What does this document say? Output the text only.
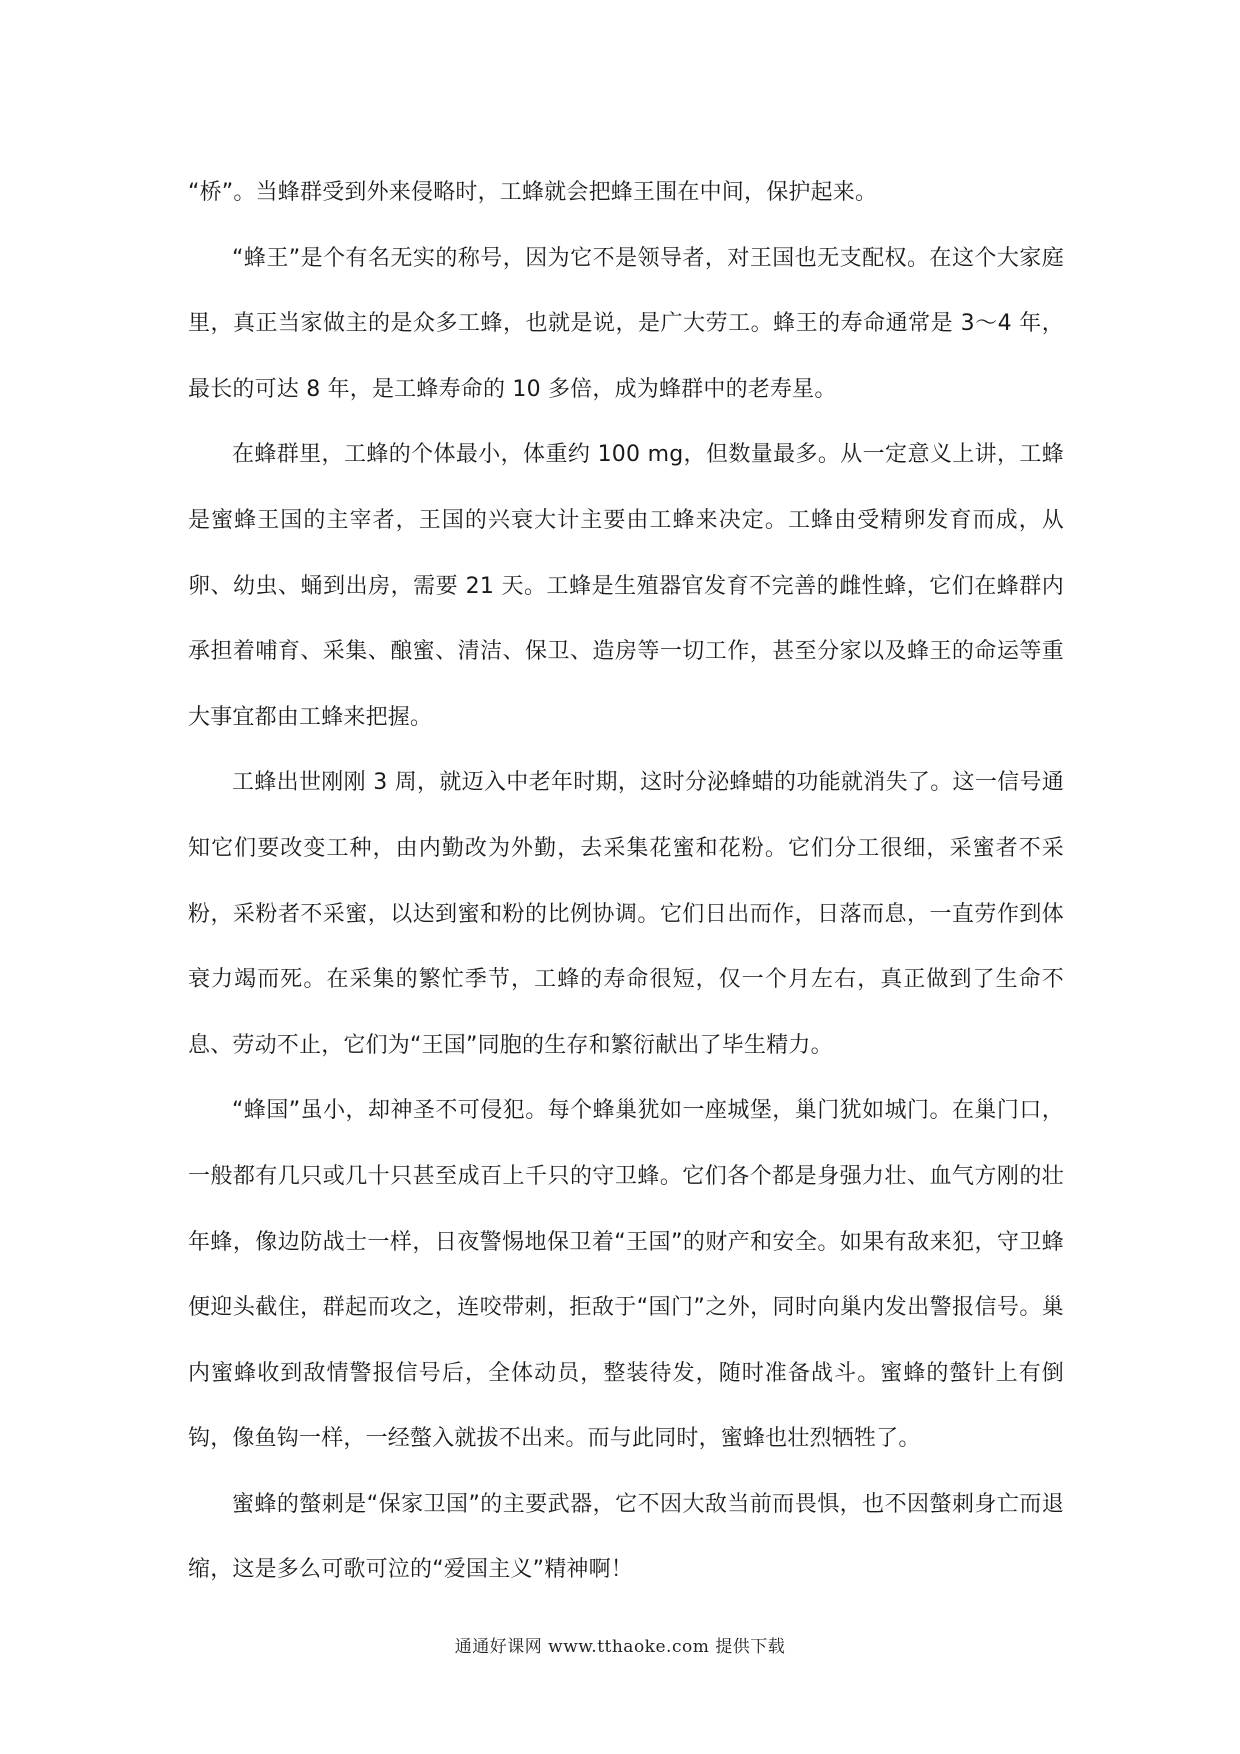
“桥”。当蜂群受到外来侵略时，工蜂就会把蜂王围在中间，保护起来。

“蜂王”是个有名无实的称号，因为它不是领导者，对王国也无支配权。在这个大家庭里，真正当家做主的是众多工蜂，也就是说，是广大劳工。蜂王的寿命通常是 3～4 年，最长的可达 8 年，是工蜂寿命的 10 多倍，成为蜂群中的老寿星。

在蜂群里，工蜂的个体最小，体重约 100 mg，但数量最多。从一定意义上讲，工蜂是蜜蜂王国的主宰者，王国的兴衰大计主要由工蜂来决定。工蜂由受精卵发育而成，从卵、幼虫、蛹到出房，需要 21 天。工蜂是生殖器官发育不完善的雌性蜂，它们在蜂群内承担着哺育、采集、酿蜜、清洁、保卫、造房等一切工作，甚至分家以及蜂王的命运等重大事宜都由工蜂来把握。

工蜂出世刚刚 3 周，就迈入中老年时期，这时分泌蜂蜡的功能就消失了。这一信号通知它们要改变工种，由内勤改为外勤，去采集花蜜和花粉。它们分工很细，采蜜者不采粉，采粉者不采蜜，以达到蜜和粉的比例协调。它们日出而作，日落而息，一直劳作到体衰力竭而死。在采集的繁忙季节，工蜂的寿命很短，仅一个月左右，真正做到了生命不息、劳动不止，它们为“王国”同胞的生存和繁衍献出了毕生精力。

“蜂国”虽小，却神圣不可侵犯。每个蜂巢犹如一座城堡，巢门犹如城门。在巢门口，一般都有几只或几十只甚至成百上千只的守卫蜂。它们各个都是身强力壮、血气方刚的壮年蜂，像边防战士一样，日夜警惕地保卫着“王国”的财产和安全。如果有敌来犯，守卫蜂便迎头截住，群起而攻之，连咬带刺，拒敌于“国门”之外，同时向巢内发出警报信号。巢内蜜蜂收到敌情警报信号后，全体动员，整装待发，随时准备战斗。蜜蜂的螫针上有倒钩，像鱼钩一样，一经螫入就拔不出来。而与此同时，蜜蜂也壮烈牺牲了。

蜜蜂的螫刺是“保家卫国”的主要武器，它不因大敌当前而畏惧，也不因螫刺身亡而退缩，这是多么可歌可泣的“爱国主义”精神啊！

通通好课网 www.tthaoke.com 提供下载
